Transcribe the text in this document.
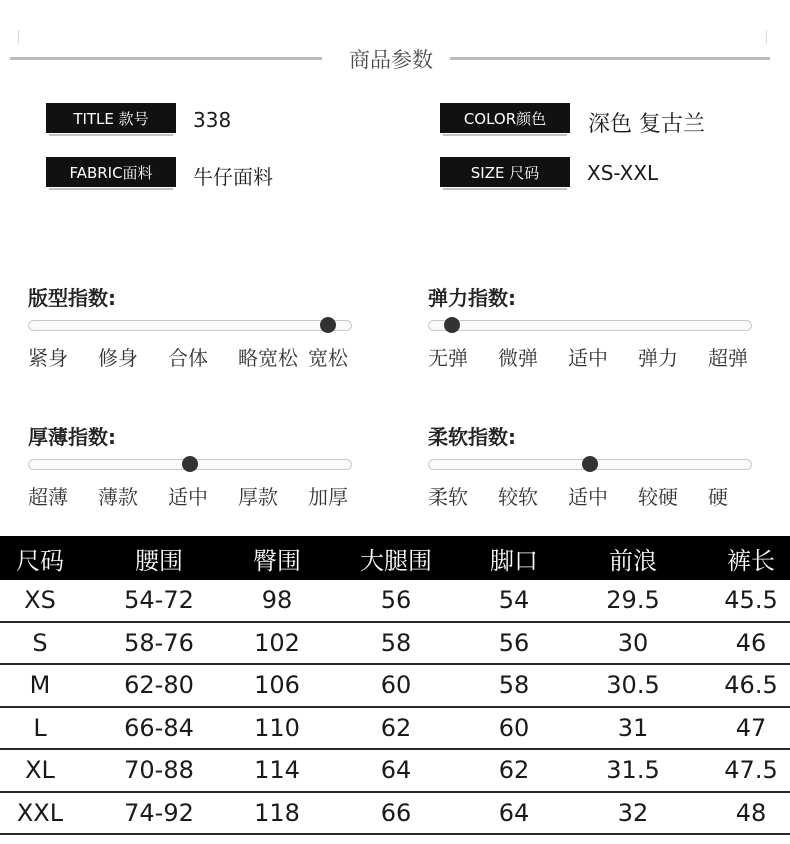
商品参数
TITLE 款号	338	COLOR颜色	深色 复古兰
FABRIC面料	牛仔面料	SIZE 尺码	XS-XXL
版型指数:
紧身 修身 合体 略宽松 宽松
弹力指数:
无弹 微弹 适中 弹力 超弹
厚薄指数:
超薄 薄款 适中 厚款 加厚
柔软指数:
柔软 较软 适中 较硬 硬
尺码	腰围	臀围	大腿围	脚口	前浪	裤长
XS	54-72	98	56	54	29.5	45.5
S	58-76	102	58	56	30	46
M	62-80	106	60	58	30.5	46.5
L	66-84	110	62	60	31	47
XL	70-88	114	64	62	31.5	47.5
XXL	74-92	118	66	64	32	48
